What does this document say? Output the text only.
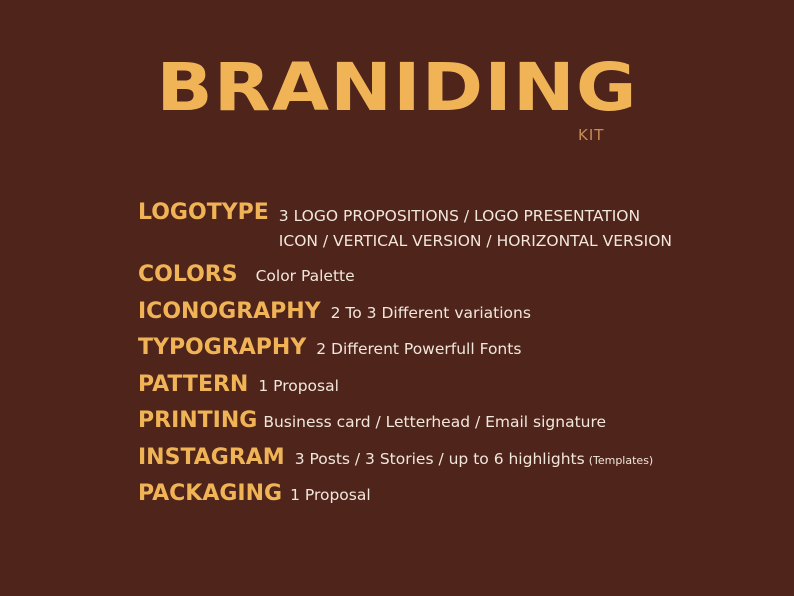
BRANIDING
KIT
LOGOTYPE 3 LOGO PROPOSITIONS / LOGO PRESENTATION
ICON / VERTICAL VERSION / HORIZONTAL VERSION
COLORS Color Palette
ICONOGRAPHY 2 To 3 Different variations
TYPOGRAPHY 2 Different Powerfull Fonts
PATTERN 1 Proposal
PRINTING Business card / Letterhead / Email signature
INSTAGRAM 3 Posts / 3 Stories / up to 6 highlights (Templates)
PACKAGING 1 Proposal
